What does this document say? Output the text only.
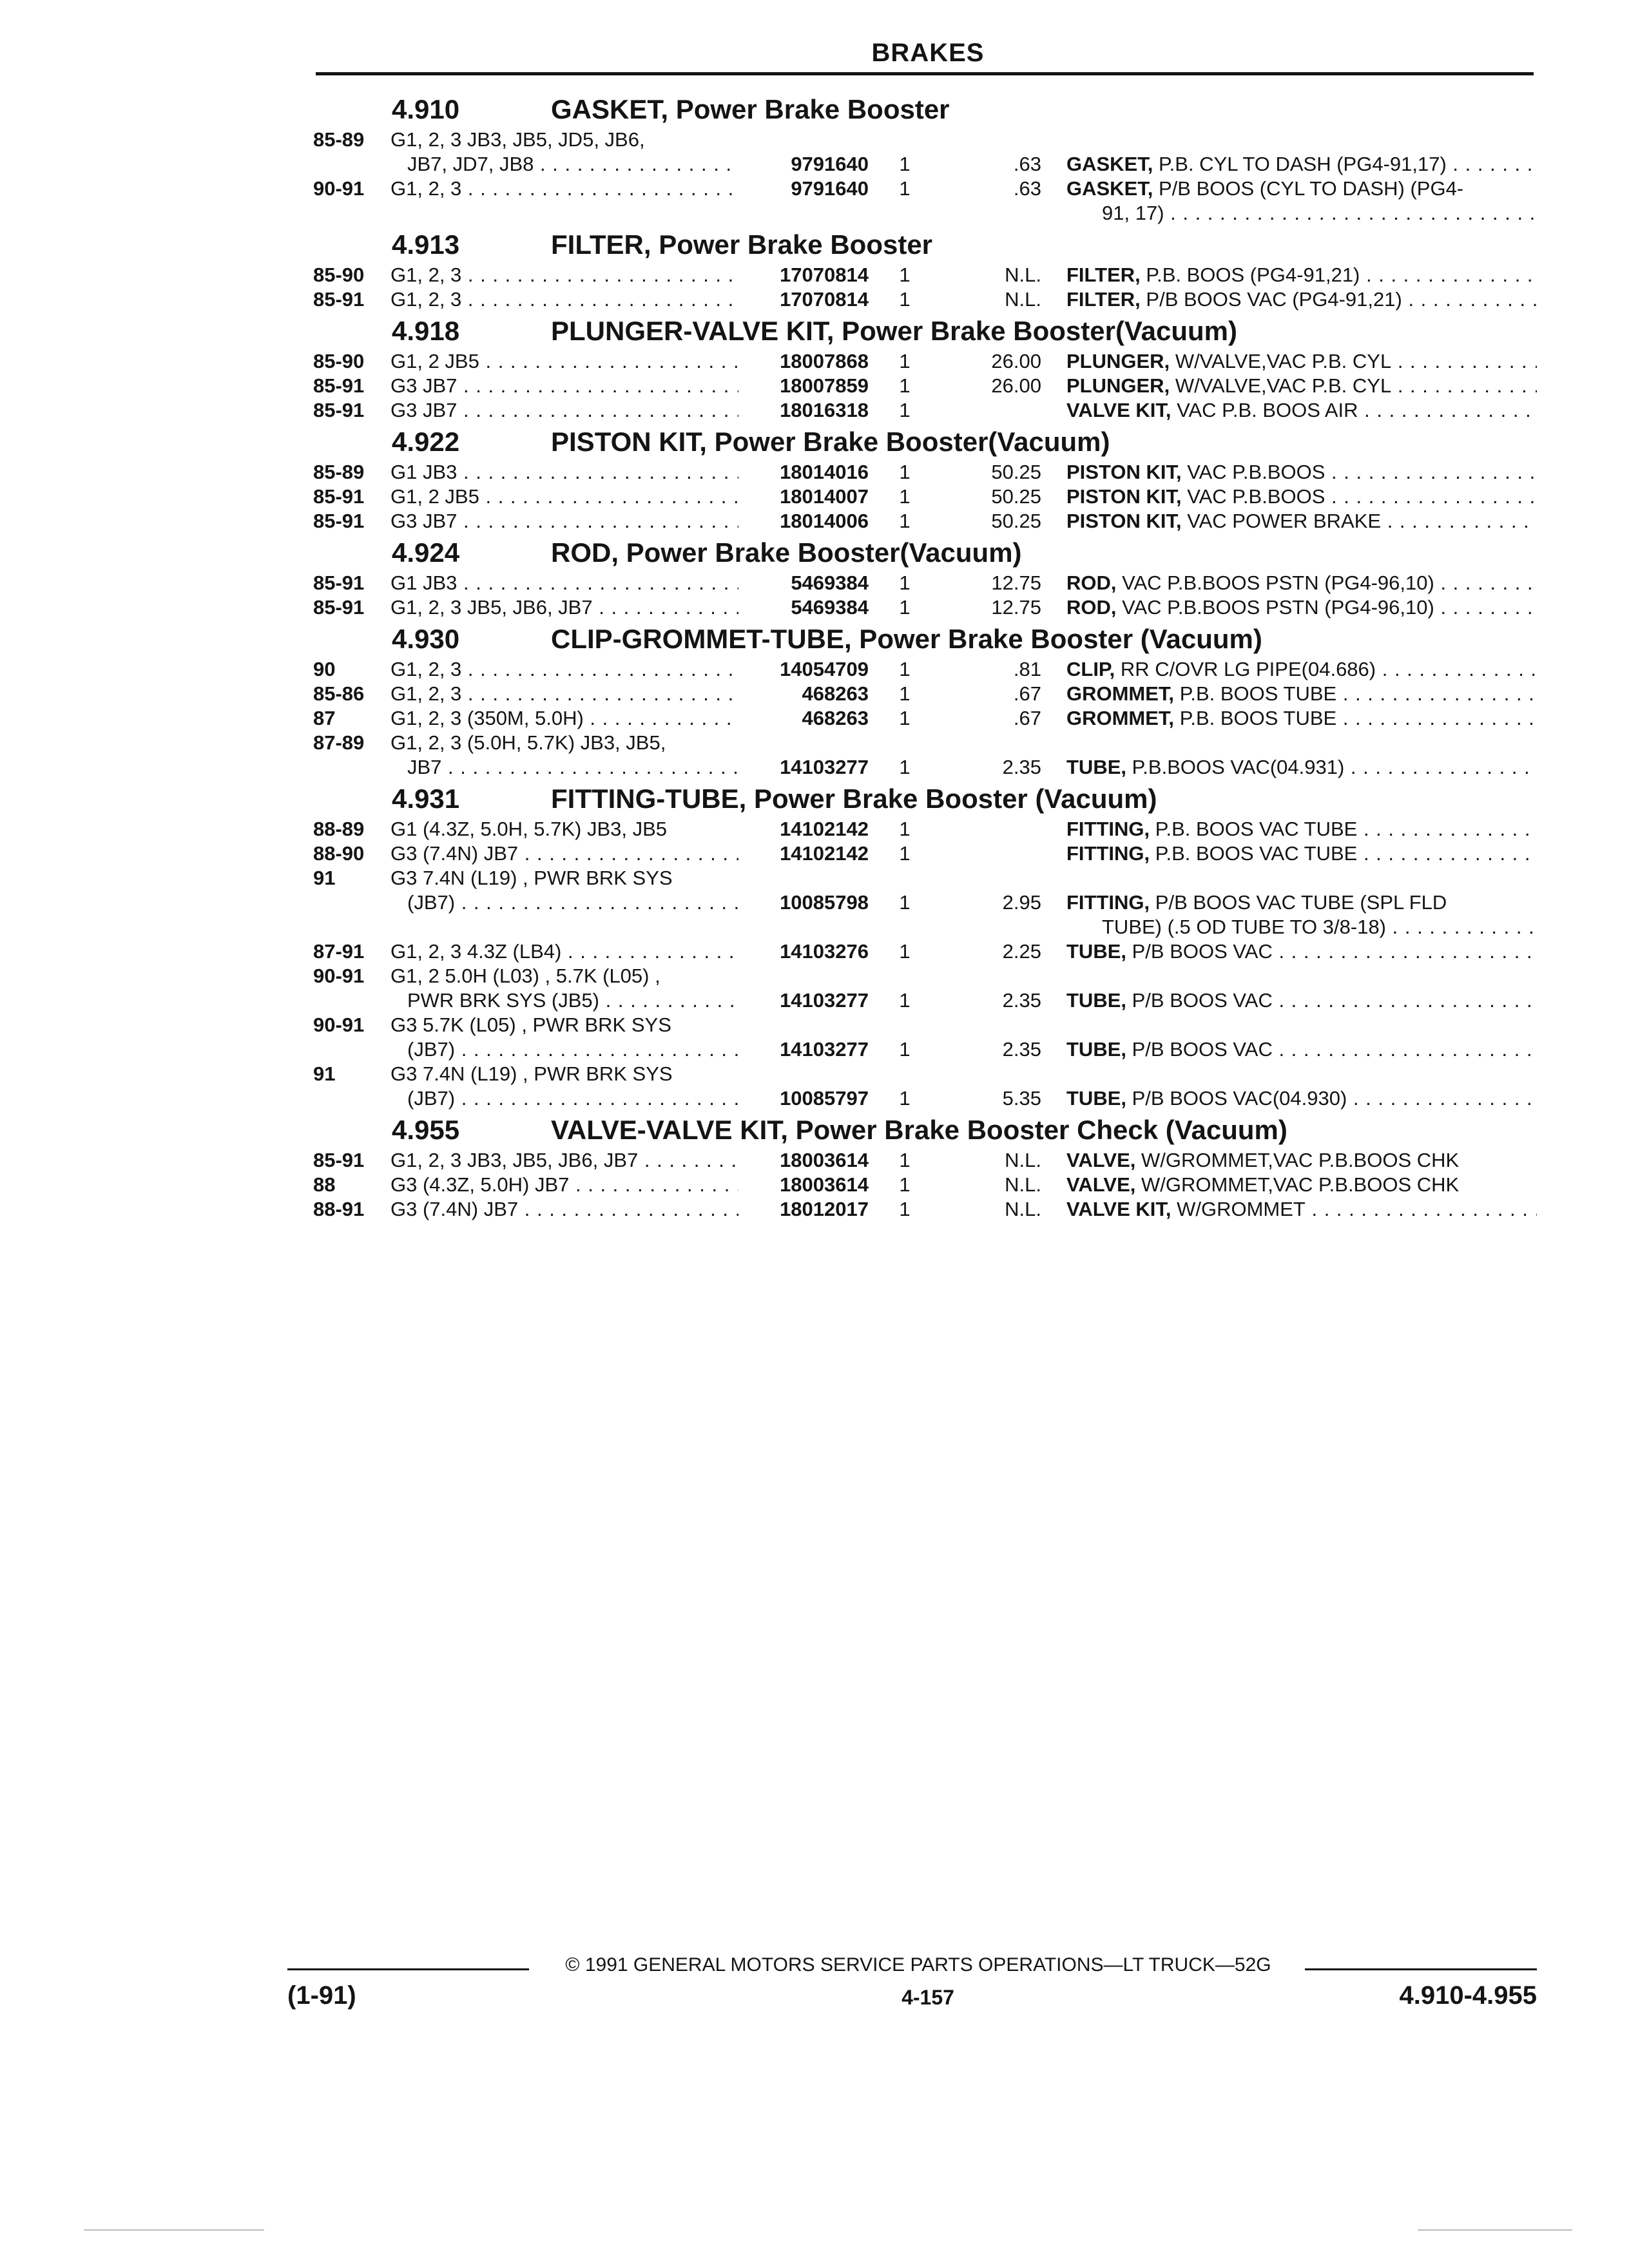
BRAKES
4.910	GASKET, Power Brake Booster
85-89 G1, 2, 3 JB3, JB5, JD5, JB6,
JB7, JD7, JB8 . . .	9791640	1	.63 GASKET, P.B. CYL TO DASH (PG4-91,17) . . .
90-91 G1, 2, 3 . . .	9791640	1	.63 GASKET, P/B BOOS (CYL TO DASH) (PG4-
91, 17) . . .
4.913	FILTER, Power Brake Booster
85-90 G1, 2, 3 . . .	17070814	1	N.L. FILTER, P.B. BOOS (PG4-91,21) . . .
85-91 G1, 2, 3 . . .	17070814	1	N.L. FILTER, P/B BOOS VAC (PG4-91,21) . . .
4.918	PLUNGER-VALVE KIT, Power Brake Booster(Vacuum)
85-90 G1, 2 JB5 . . .	18007868	1	26.00 PLUNGER, W/VALVE,VAC P.B. CYL . . .
85-91 G3 JB7 . . .	18007859	1	26.00 PLUNGER, W/VALVE,VAC P.B. CYL . . .
85-91 G3 JB7 . . .	18016318	1	VALVE KIT, VAC P.B. BOOS AIR . . .
4.922	PISTON KIT, Power Brake Booster(Vacuum)
85-89 G1 JB3 . . .	18014016	1	50.25 PISTON KIT, VAC P.B.BOOS . . .
85-91 G1, 2 JB5 . . .	18014007	1	50.25 PISTON KIT, VAC P.B.BOOS . . .
85-91 G3 JB7 . . .	18014006	1	50.25 PISTON KIT, VAC POWER BRAKE . . .
4.924	ROD, Power Brake Booster(Vacuum)
85-91 G1 JB3 . . .	5469384	1	12.75 ROD, VAC P.B.BOOS PSTN (PG4-96,10) . . .
85-91 G1, 2, 3 JB5, JB6, JB7 . . .	5469384	1	12.75 ROD, VAC P.B.BOOS PSTN (PG4-96,10) . . .
4.930	CLIP-GROMMET-TUBE, Power Brake Booster (Vacuum)
90	G1, 2, 3 . . .	14054709	1	.81 CLIP, RR C/OVR LG PIPE(04.686) . . .
85-86 G1, 2, 3 . . .	468263	1	.67 GROMMET, P.B. BOOS TUBE . . .
87	G1, 2, 3 (350M, 5.0H) . . .	468263	1	.67 GROMMET, P.B. BOOS TUBE . . .
87-89 G1, 2, 3 (5.0H, 5.7K) JB3, JB5,
JB7 . . .	14103277	1	2.35 TUBE, P.B.BOOS VAC(04.931) . . .
4.931	FITTING-TUBE, Power Brake Booster (Vacuum)
88-89 G1 (4.3Z, 5.0H, 5.7K) JB3, JB5	14102142	1	FITTING, P.B. BOOS VAC TUBE . . .
88-90 G3 (7.4N) JB7 . . .	14102142	1	FITTING, P.B. BOOS VAC TUBE . . .
91	G3 7.4N (L19) , PWR BRK SYS
(JB7) . . .	10085798	1	2.95 FITTING, P/B BOOS VAC TUBE (SPL FLD
TUBE) (.5 OD TUBE TO 3/8-18) . . .
87-91 G1, 2, 3 4.3Z (LB4) . . .	14103276	1	2.25 TUBE, P/B BOOS VAC . . .
90-91 G1, 2 5.0H (L03) , 5.7K (L05) ,
PWR BRK SYS (JB5) . . .	14103277	1	2.35 TUBE, P/B BOOS VAC . . .
90-91 G3 5.7K (L05) , PWR BRK SYS
(JB7) . . .	14103277	1	2.35 TUBE, P/B BOOS VAC . . .
91	G3 7.4N (L19) , PWR BRK SYS
(JB7) . . .	10085797	1	5.35 TUBE, P/B BOOS VAC(04.930) . . .
4.955	VALVE-VALVE KIT, Power Brake Booster Check (Vacuum)
85-91 G1, 2, 3 JB3, JB5, JB6, JB7 . . .	18003614	1	N.L. VALVE, W/GROMMET,VAC P.B.BOOS CHK
88	G3 (4.3Z, 5.0H) JB7 . . .	18003614	1	N.L. VALVE, W/GROMMET,VAC P.B.BOOS CHK
88-91 G3 (7.4N) JB7 . . .	18012017	1	N.L. VALVE KIT, W/GROMMET . . .
© 1991 GENERAL MOTORS SERVICE PARTS OPERATIONS—LT TRUCK—52G
(1-91)	4-157	4.910-4.955
